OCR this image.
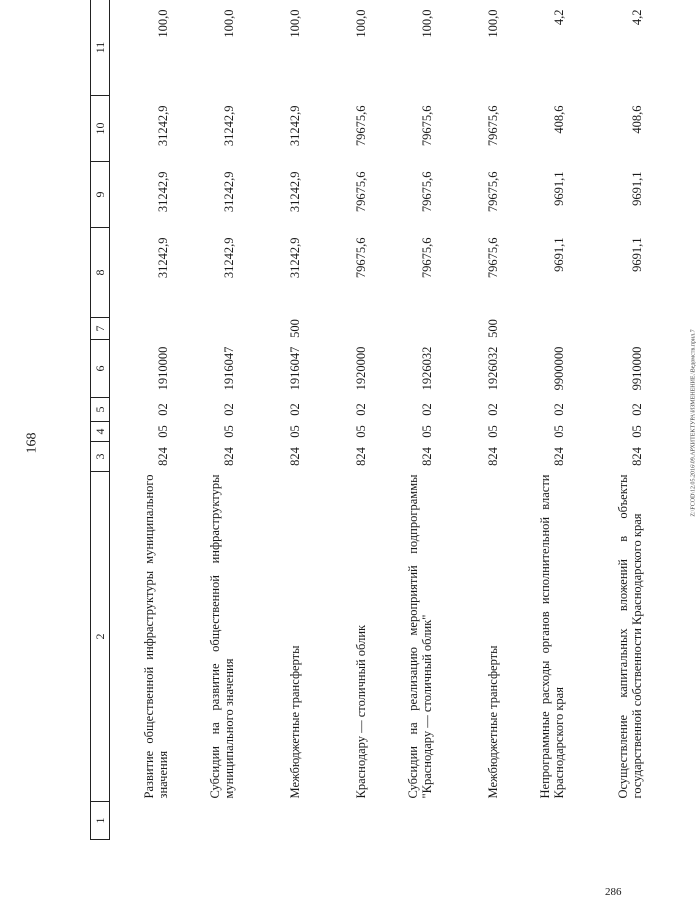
168	Z:\FCOD\12.05.2016\09.АРХИТЕКТУРА\ИЗМЕНЕНИЕ.\Ведомств.прил.7
286
1	2	3	4	5	6	7	8	9	10	11
	Развитие общественной инфраструктуры муниципального значения	824	05	02	1910000		31242,9	31242,9	31242,9	100,0
	Субсидии на развитие общественной инфраструктуры муниципального значения	824	05	02	1916047		31242,9	31242,9	31242,9	100,0
	Межбюджетные трансферты	824	05	02	1916047	500	31242,9	31242,9	31242,9	100,0
	Краснодару — столичный облик	824	05	02	1920000		79675,6	79675,6	79675,6	100,0
	Субсидии на реализацию мероприятий подпрограммы "Краснодару — столичный облик"	824	05	02	1926032		79675,6	79675,6	79675,6	100,0
	Межбюджетные трансферты	824	05	02	1926032	500	79675,6	79675,6	79675,6	100,0
	Непрограммные расходы органов исполнительной власти Краснодарского края	824	05	02	9900000		9691,1	9691,1	408,6	4,2
	Осуществление капитальных вложений в объекты государственной собственности Краснодарского края	824	05	02	9910000		9691,1	9691,1	408,6	4,2
